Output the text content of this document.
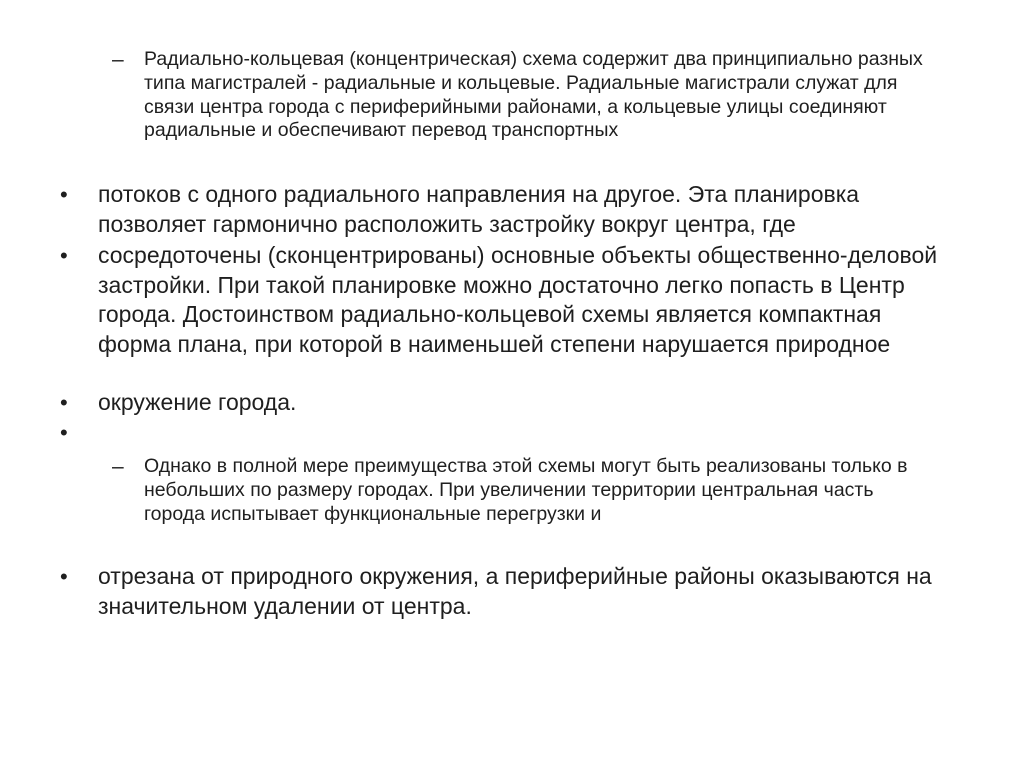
– Радиально-кольцевая (концентрическая) схема содержит два принципиально разных типа магистралей - радиальные и кольцевые. Радиальные магистрали служат для связи центра города с периферийными районами, а кольцевые улицы соединяют радиальные и обеспечивают перевод транспортных
• потоков с одного радиального направления на другое. Эта планировка позволяет гармонично расположить застройку вокруг центра, где
• сосредоточены (сконцентрированы) основные объекты общественно-деловой застройки. При такой планировке можно достаточно легко попасть в Центр города. Достоинством радиально-кольцевой схемы является компактная форма плана, при которой в наименьшей степени нарушается природное
• окружение города.
•
– Однако в полной мере преимущества этой схемы могут быть реализованы только в небольших по размеру городах. При увеличении территории центральная часть города испытывает функциональные перегрузки и
• отрезана от природного окружения, а периферийные районы оказываются на значительном удалении от центра.
